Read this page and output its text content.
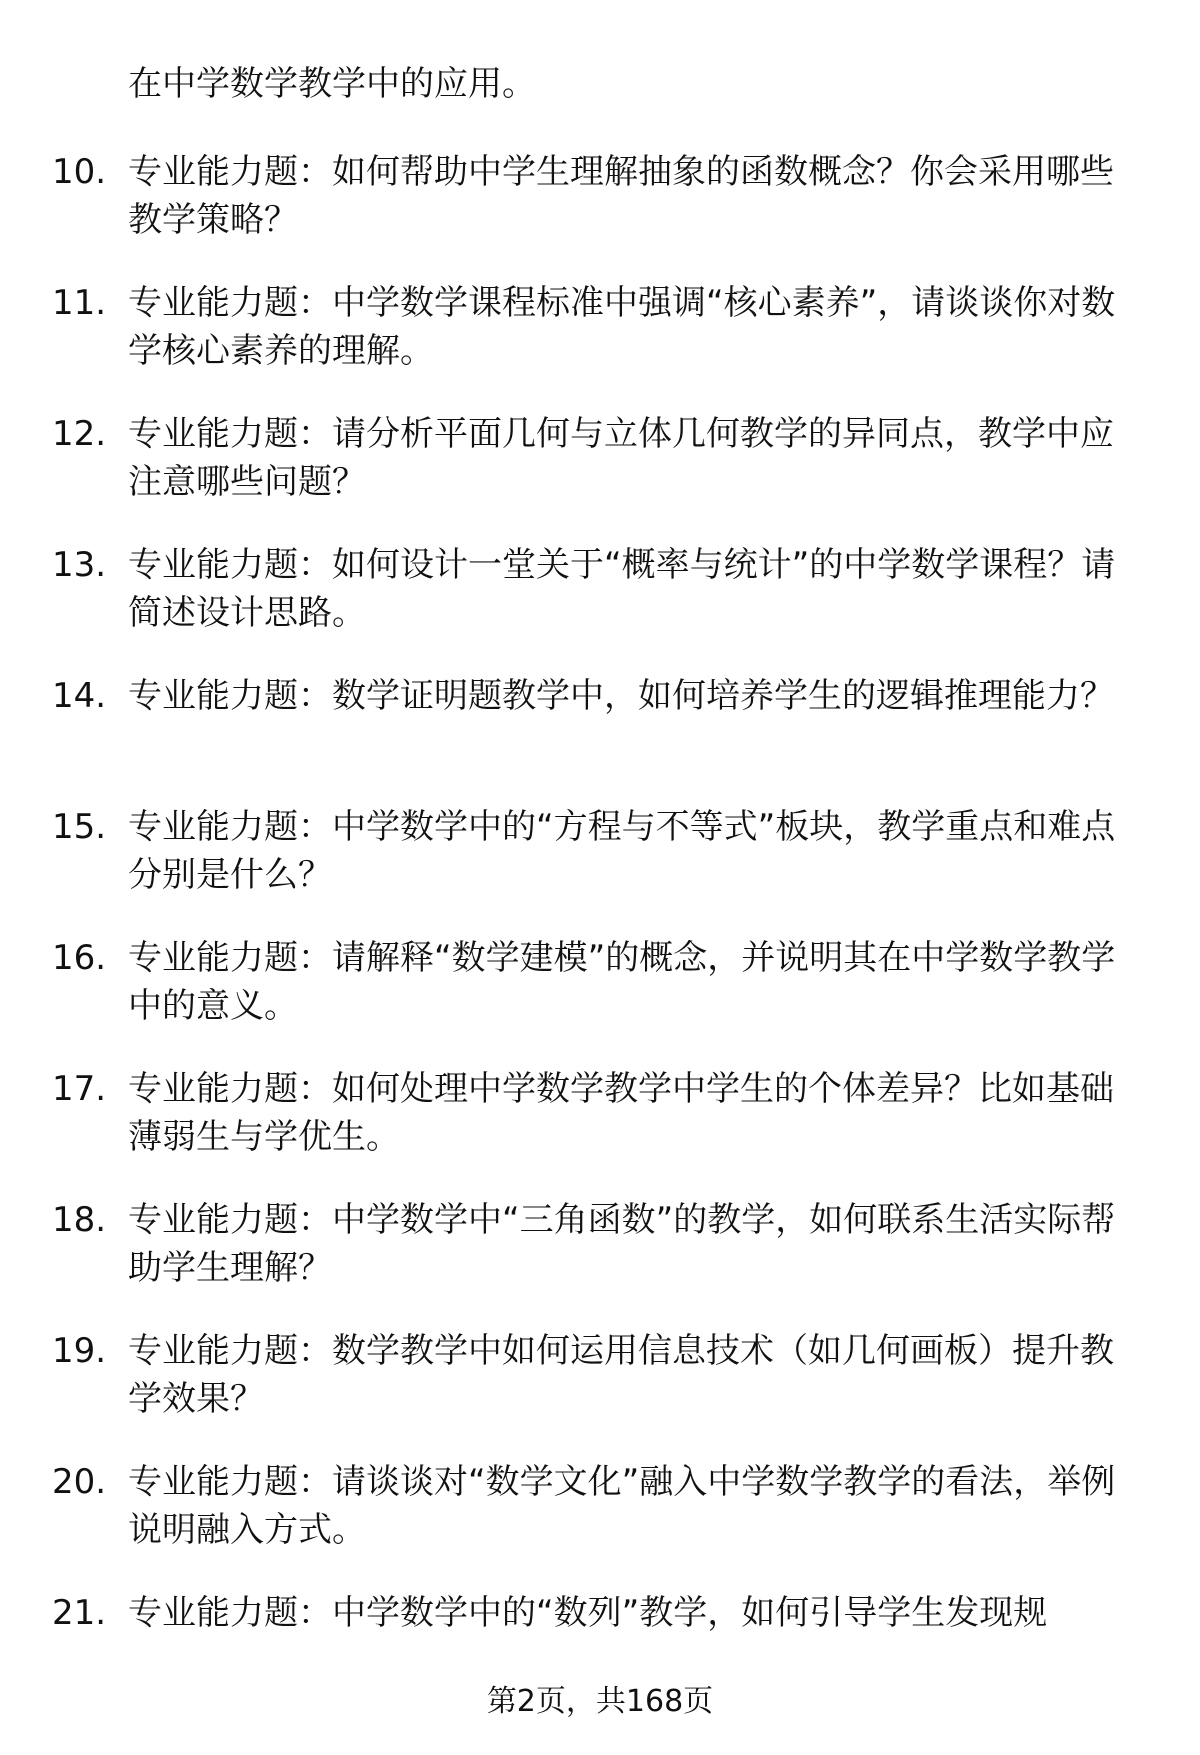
在中学数学教学中的应用。
10. 专业能力题：如何帮助中学生理解抽象的函数概念？你会采用哪些教学策略？
11. 专业能力题：中学数学课程标准中强调“核心素养”，请谈谈你对数学核心素养的理解。
12. 专业能力题：请分析平面几何与立体几何教学的异同点，教学中应注意哪些问题？
13. 专业能力题：如何设计一堂关于“概率与统计”的中学数学课程？请简述设计思路。
14. 专业能力题：数学证明题教学中，如何培养学生的逻辑推理能力？
15. 专业能力题：中学数学中的“方程与不等式”板块，教学重点和难点分别是什么？
16. 专业能力题：请解释“数学建模”的概念，并说明其在中学数学教学中的意义。
17. 专业能力题：如何处理中学数学教学中学生的个体差异？比如基础薄弱生与学优生。
18. 专业能力题：中学数学中“三角函数”的教学，如何联系生活实际帮助学生理解？
19. 专业能力题：数学教学中如何运用信息技术（如几何画板）提升教学效果？
20. 专业能力题：请谈谈对“数学文化”融入中学数学教学的看法，举例说明融入方式。
21. 专业能力题：中学数学中的“数列”教学，如何引导学生发现规
第2页，共168页
